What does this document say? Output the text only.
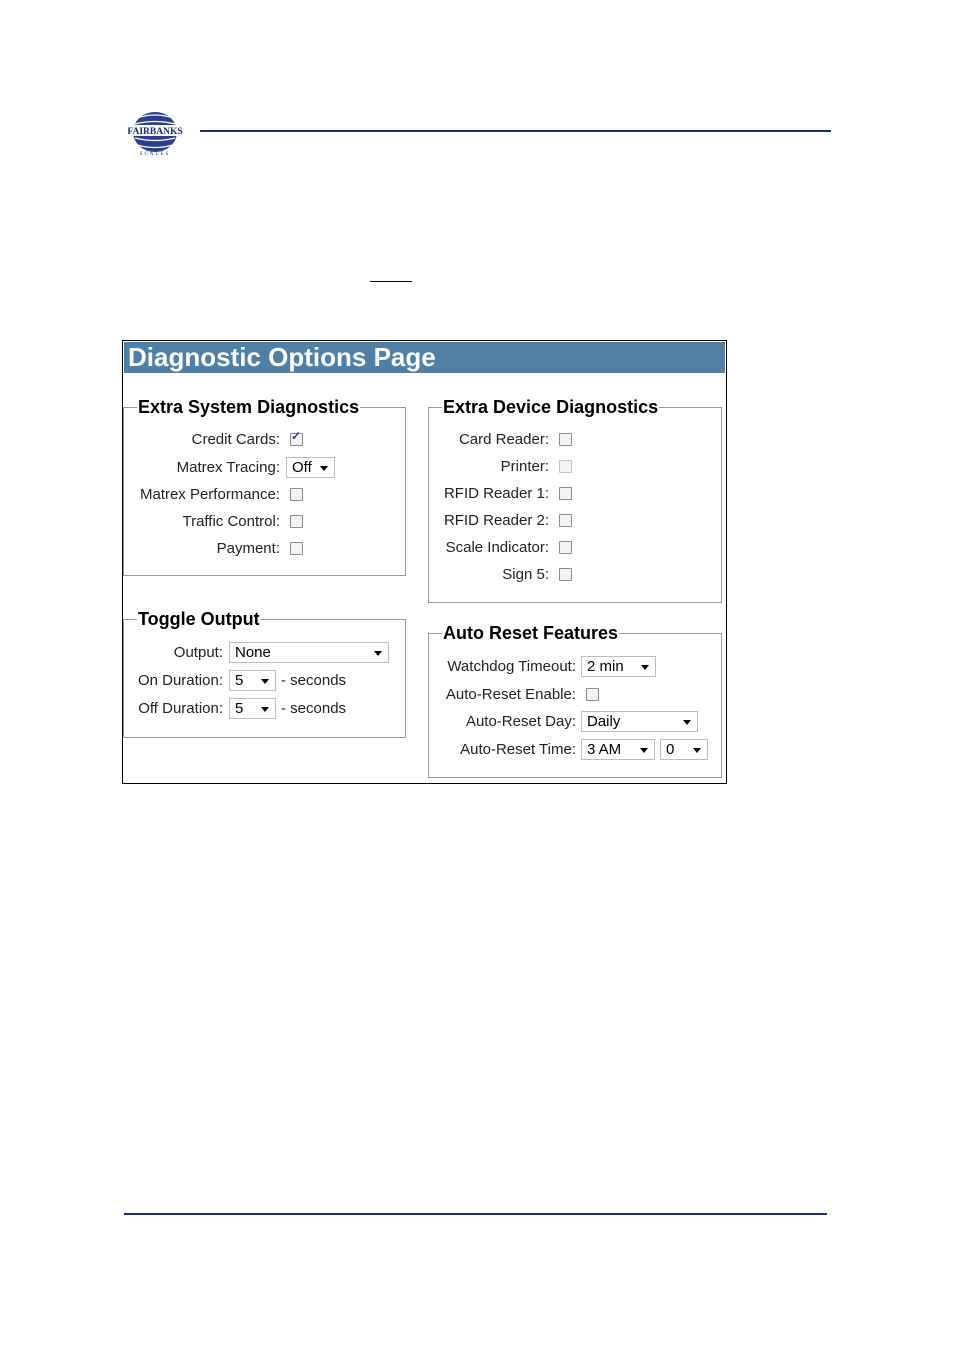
FAIRBANKS
SCALES
Diagnostic Options Page
Extra System Diagnostics
Credit Cards:
✓
Matrex Tracing: Off
Matrex Performance:
Traffic Control:
Payment:
Extra Device Diagnostics
Card Reader:
Printer:
RFID Reader 1:
RFID Reader 2:
Scale Indicator:
Sign 5:
Toggle Output
Output: None
On Duration: 5	- seconds
Off Duration: 5	- seconds
Auto Reset Features
Watchdog Timeout: 2 min
Auto-Reset Enable:
Auto-Reset Day: Daily
Auto-Reset Time: 3 AM	0
